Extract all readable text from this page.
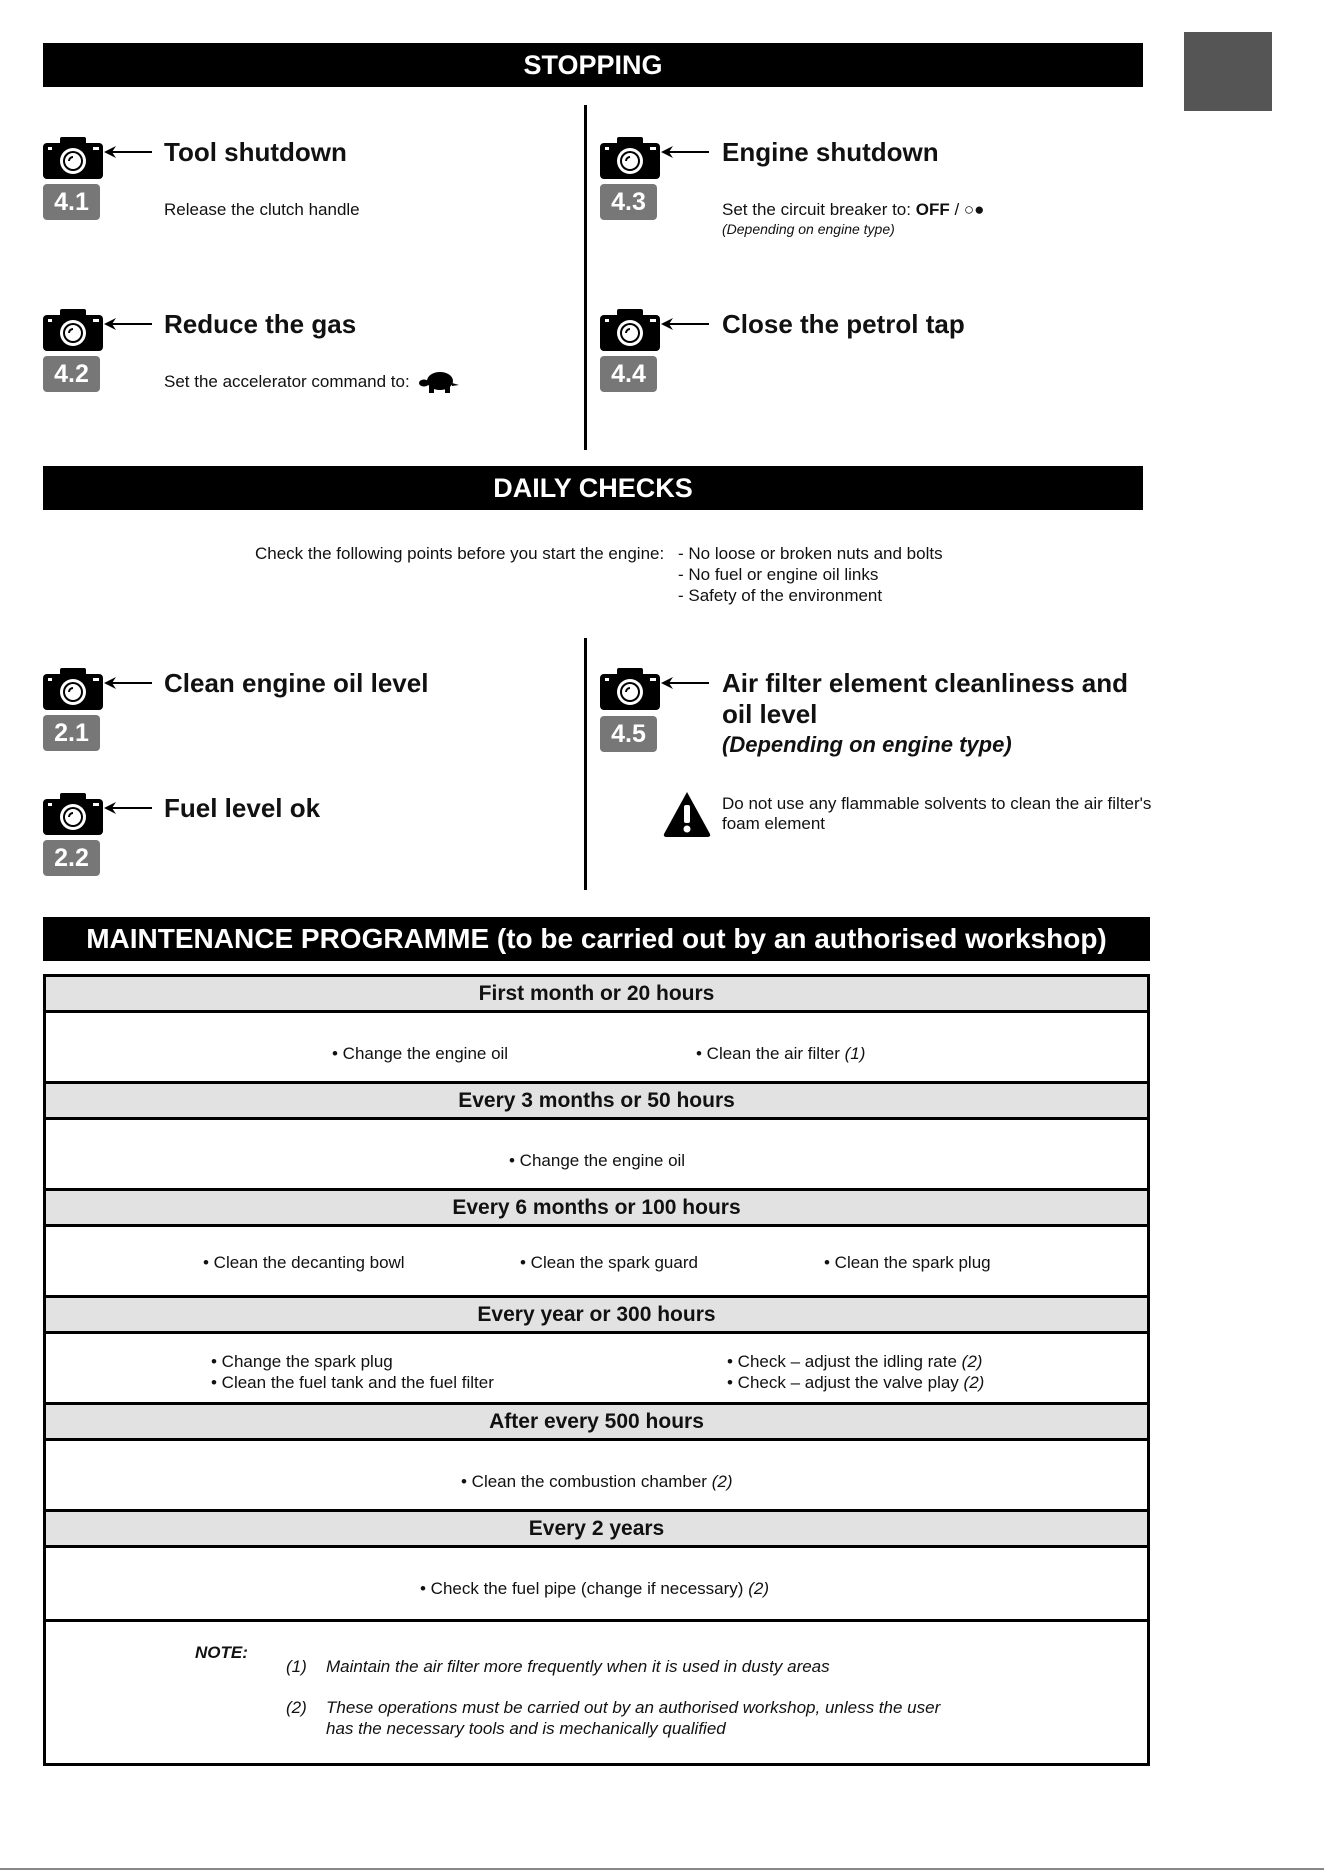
STOPPING
4.1
Tool shutdown
Release the clutch handle
4.2
Reduce the gas
Set the accelerator command to:
4.3
Engine shutdown
Set the circuit breaker to: OFF / ○●
(Depending on engine type)
4.4
Close the petrol tap
DAILY CHECKS
Check the following points before you start the engine: - No loose or broken nuts and bolts
- No fuel or engine oil links
- Safety of the environment
2.1
Clean engine oil level
2.2
Fuel level ok
4.5
Air filter element cleanliness and
oil level
(Depending on engine type)
Do not use any flammable solvents to clean the air filter's
foam element
MAINTENANCE PROGRAMME (to be carried out by an authorised workshop)
First month or 20 hours
• Change the engine oil	• Clean the air filter (1)
Every 3 months or 50 hours
• Change the engine oil
Every 6 months or 100 hours
• Clean the decanting bowl	• Clean the spark guard	• Clean the spark plug
Every year or 300 hours
• Change the spark plug
• Clean the fuel tank and the fuel filter
• Check – adjust the idling rate (2)
• Check – adjust the valve play (2)
After every 500 hours
• Clean the combustion chamber (2)
Every 2 years
• Check the fuel pipe (change if necessary) (2)
NOTE:
(1) Maintain the air filter more frequently when it is used in dusty areas
(2) These operations must be carried out by an authorised workshop, unless the user
has the necessary tools and is mechanically qualified
